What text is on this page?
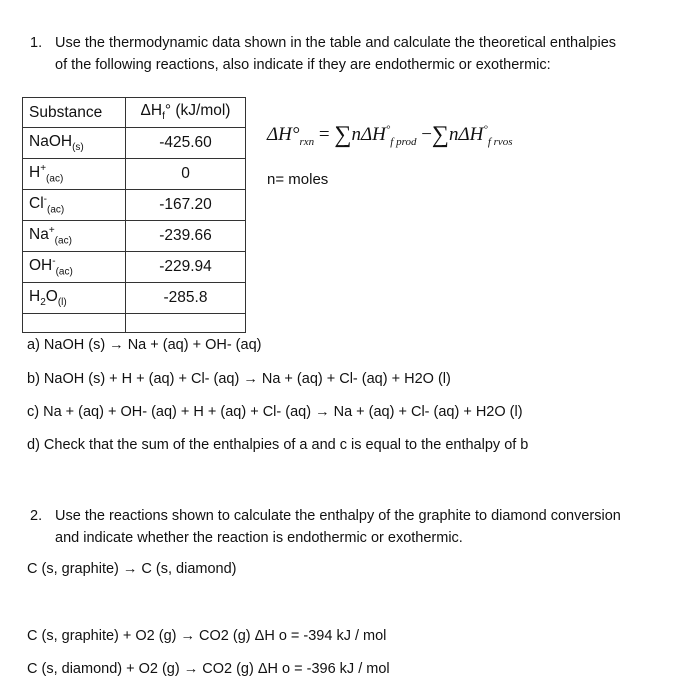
1. Use the thermodynamic data shown in the table and calculate the theoretical enthalpies
of the following reactions, also indicate if they are endothermic or exothermic:
Substance	$\Delta H_f^\circ$ (kJ/mol)
NaOH$_{(s)}$	-425.60
$H^+_{(ac)}$	0
$Cl^-_{(ac)}$	-167.20
$Na^+_{(ac)}$	-239.66
$OH^-_{(ac)}$	-229.94
$H_2O_{(l)}$	-285.8

$\Delta H^\circ_{rxn} = \sum n\Delta H^\circ_{f prod} -\sum n\Delta H^\circ_{f rvos}$
n= moles
a) NaOH (s) → Na + (aq) + OH- (aq)
b) NaOH (s) + H + (aq) + Cl- (aq) → Na + (aq) + Cl- (aq) + H2O (l)
c) Na + (aq) + OH- (aq) + H + (aq) + Cl- (aq) → Na + (aq) + Cl- (aq) + H2O (l)
d) Check that the sum of the enthalpies of a and c is equal to the enthalpy of b
2. Use the reactions shown to calculate the enthalpy of the graphite to diamond conversion
and indicate whether the reaction is endothermic or exothermic.
C (s, graphite) → C (s, diamond)
C (s, graphite) + O2 (g) → CO2 (g) ΔH o = -394 kJ / mol
C (s, diamond) + O2 (g) → CO2 (g) ΔH o = -396 kJ / mol
